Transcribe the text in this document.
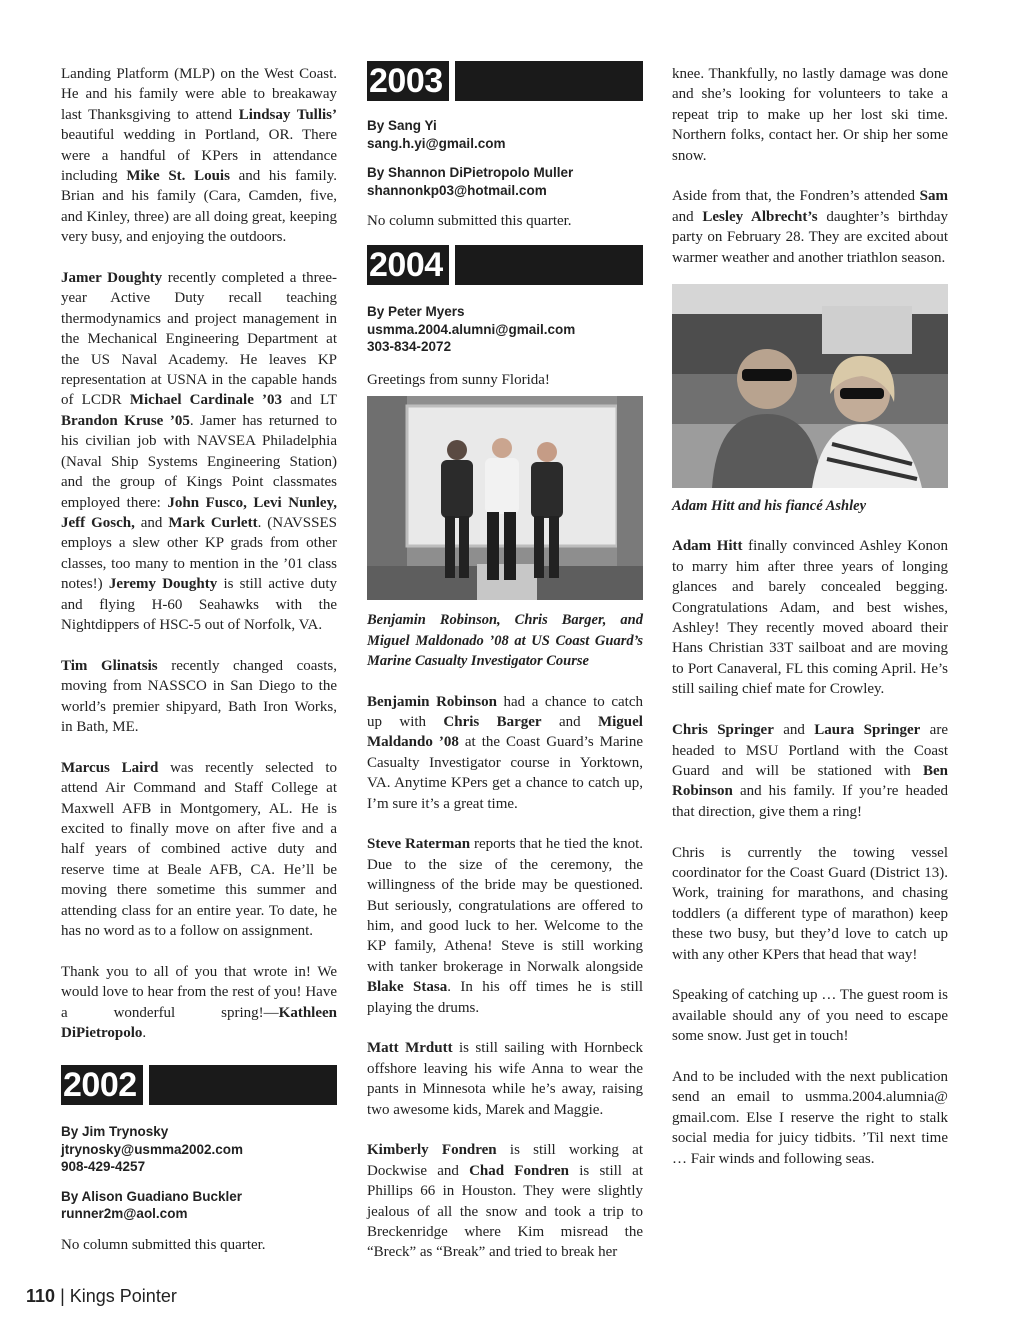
Landing Platform (MLP) on the West Coast. He and his family were able to breakaway last Thanksgiving to attend Lindsay Tullis’ beautiful wedding in Portland, OR. There were a handful of KPers in attendance including Mike St. Louis and his family. Brian and his family (Cara, Camden, five, and Kinley, three) are all doing great, keeping very busy, and enjoying the outdoors.

Jamer Doughty recently completed a three-year Active Duty recall teaching thermodynamics and project management in the Mechanical Engineering Department at the US Naval Academy. He leaves KP representation at USNA in the capable hands of LCDR Michael Cardinale ’03 and LT Brandon Kruse ’05. Jamer has returned to his civilian job with NAVSEA Philadelphia (Naval Ship Systems Engineering Station) and the group of Kings Point classmates employed there: John Fusco, Levi Nunley, Jeff Gosch, and Mark Curlett. (NAVSSES employs a slew other KP grads from other classes, too many to mention in the ’01 class notes!) Jeremy Doughty is still active duty and flying H-60 Seahawks with the Nightdippers of HSC-5 out of Norfolk, VA.

Tim Glinatsis recently changed coasts, moving from NASSCO in San Diego to the world’s premier shipyard, Bath Iron Works, in Bath, ME.

Marcus Laird was recently selected to attend Air Command and Staff College at Maxwell AFB in Montgomery, AL. He is excited to finally move on after five and a half years of combined active duty and reserve time at Beale AFB, CA. He’ll be moving there sometime this summer and attending class for an entire year. To date, he has no word as to a follow on assignment.

Thank you to all of you that wrote in! We would love to hear from the rest of you! Have a wonderful spring!—Kathleen DiPietropolo.

2002

By Jim Trynosky

jtrynosky@usmma2002.com

908-429-4257

By Alison Guadiano Buckler

runner2m@aol.com

No column submitted this quarter.

2003

By Sang Yi

sang.h.yi@gmail.com

By Shannon DiPietropolo Muller

shannonkp03@hotmail.com

No column submitted this quarter.

2004

By Peter Myers

usmma.2004.alumni@gmail.com

303-834-2072

Greetings from sunny Florida!

Benjamin Robinson, Chris Barger, and Miguel Maldonado ’08 at US Coast Guard’s Marine Casualty Investigator Course

Benjamin Robinson had a chance to catch up with Chris Barger and Miguel Maldando ’08 at the Coast Guard’s Marine Casualty Investigator course in Yorktown, VA. Anytime KPers get a chance to catch up, I’m sure it’s a great time.

Steve Raterman reports that he tied the knot. Due to the size of the ceremony, the willingness of the bride may be questioned. But seriously, congratulations are offered to him, and good luck to her. Welcome to the KP family, Athena! Steve is still working with tanker brokerage in Norwalk alongside Blake Stasa. In his off times he is still playing the drums.

Matt Mrdutt is still sailing with Hornbeck offshore leaving his wife Anna to wear the pants in Minnesota while he’s away, raising two awesome kids, Marek and Maggie.

Kimberly Fondren is still working at Dockwise and Chad Fondren is still at Phillips 66 in Houston. They were slightly jealous of all the snow and took a trip to Breckenridge where Kim misread the “Breck” as “Break” and tried to break her

knee. Thankfully, no lastly damage was done and she’s looking for volunteers to take a repeat trip to make up her lost ski time. Northern folks, contact her. Or ship her some snow.

Aside from that, the Fondren’s attended Sam and Lesley Albrecht’s daughter’s birthday party on February 28. They are excited about warmer weather and another triathlon season.

Adam Hitt and his fiancé Ashley

Adam Hitt finally convinced Ashley Konon to marry him after three years of longing glances and barely concealed begging. Congratulations Adam, and best wishes, Ashley! They recently moved aboard their Hans Christian 33T sailboat and are moving to Port Canaveral, FL this coming April. He’s still sailing chief mate for Crowley.

Chris Springer and Laura Springer are headed to MSU Portland with the Coast Guard and will be stationed with Ben Robinson and his family. If you’re headed that direction, give them a ring!

Chris is currently the towing vessel coordinator for the Coast Guard (District 13). Work, training for marathons, and chasing toddlers (a different type of marathon) keep these two busy, but they’d love to catch up with any other KPers that head that way!

Speaking of catching up … The guest room is available should any of you need to escape some snow. Just get in touch!

And to be included with the next publication send an email to usmma.2004.alumnia@ gmail.com. Else I reserve the right to stalk social media for juicy tidbits. ’Til next time … Fair winds and following seas.

110 | Kings Pointer
